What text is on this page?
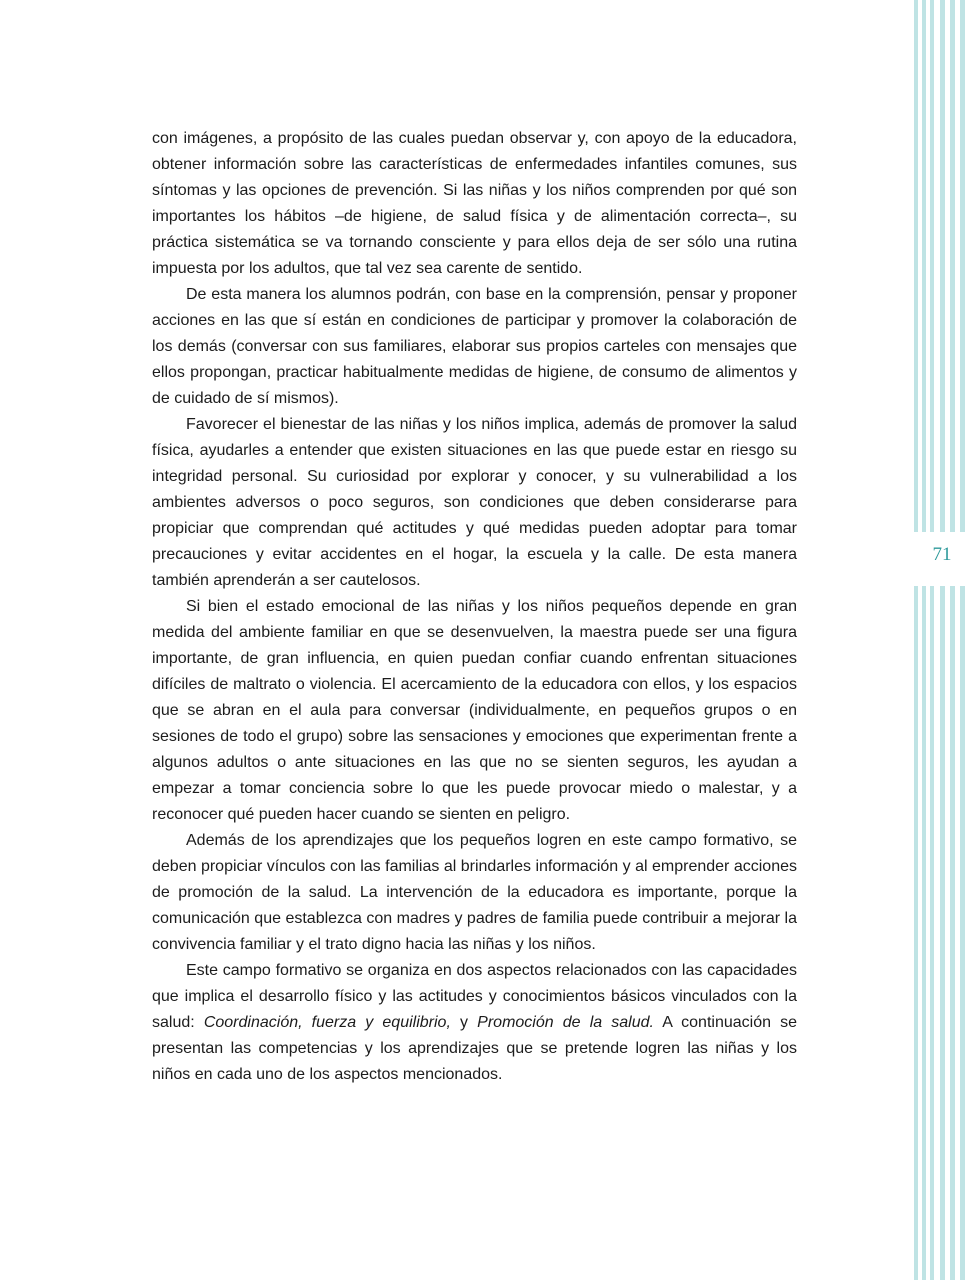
con imágenes, a propósito de las cuales puedan observar y, con apoyo de la educadora, obtener información sobre las características de enfermedades infantiles comunes, sus síntomas y las opciones de prevención. Si las niñas y los niños comprenden por qué son importantes los hábitos –de higiene, de salud física y de alimentación correcta–, su práctica sistemática se va tornando consciente y para ellos deja de ser sólo una rutina impuesta por los adultos, que tal vez sea carente de sentido.

De esta manera los alumnos podrán, con base en la comprensión, pensar y proponer acciones en las que sí están en condiciones de participar y promover la colaboración de los demás (conversar con sus familiares, elaborar sus propios carteles con mensajes que ellos propongan, practicar habitualmente medidas de higiene, de consumo de alimentos y de cuidado de sí mismos).

Favorecer el bienestar de las niñas y los niños implica, además de promover la salud física, ayudarles a entender que existen situaciones en las que puede estar en riesgo su integridad personal. Su curiosidad por explorar y conocer, y su vulnerabilidad a los ambientes adversos o poco seguros, son condiciones que deben considerarse para propiciar que comprendan qué actitudes y qué medidas pueden adoptar para tomar precauciones y evitar accidentes en el hogar, la escuela y la calle. De esta manera también aprenderán a ser cautelosos.

Si bien el estado emocional de las niñas y los niños pequeños depende en gran medida del ambiente familiar en que se desenvuelven, la maestra puede ser una figura importante, de gran influencia, en quien puedan confiar cuando enfrentan situaciones difíciles de maltrato o violencia. El acercamiento de la educadora con ellos, y los espacios que se abran en el aula para conversar (individualmente, en pequeños grupos o en sesiones de todo el grupo) sobre las sensaciones y emociones que experimentan frente a algunos adultos o ante situaciones en las que no se sienten seguros, les ayudan a empezar a tomar conciencia sobre lo que les puede provocar miedo o malestar, y a reconocer qué pueden hacer cuando se sienten en peligro.

Además de los aprendizajes que los pequeños logren en este campo formativo, se deben propiciar vínculos con las familias al brindarles información y al emprender acciones de promoción de la salud. La intervención de la educadora es importante, porque la comunicación que establezca con madres y padres de familia puede contribuir a mejorar la convivencia familiar y el trato digno hacia las niñas y los niños.

Este campo formativo se organiza en dos aspectos relacionados con las capacidades que implica el desarrollo físico y las actitudes y conocimientos básicos vinculados con la salud: Coordinación, fuerza y equilibrio, y Promoción de la salud. A continuación se presentan las competencias y los aprendizajes que se pretende logren las niñas y los niños en cada uno de los aspectos mencionados.

71
